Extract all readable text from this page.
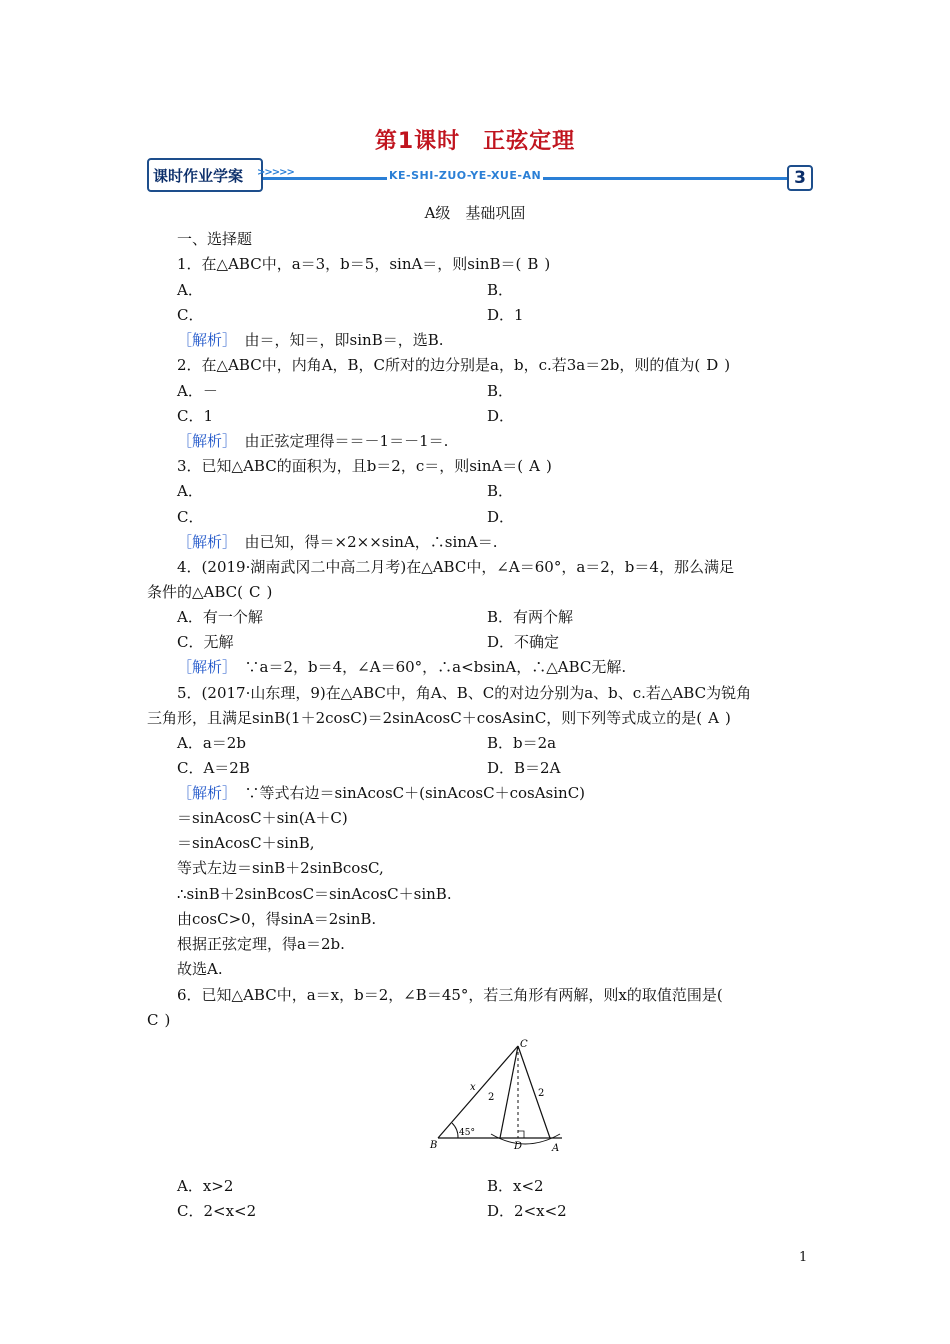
第1课时　正弦定理
课时作业学案 >>>>>	KE-SHI-ZUO-YE-XUE-AN	3
A级　基础巩固
一、选择题
1．在△ABC中，a＝3，b＝5，sinA＝，则sinB＝( B )
A．	B．
C．	D．1
［解析］　 由＝，知＝，即sinB＝，选B.
2．在△ABC中，内角A，B，C所对的边分别是a，b，c.若3a＝2b，则的值为( D )
A．－	B．
C．1	D．
［解析］　 由正弦定理得＝＝－1＝－1＝.
3．已知△ABC的面积为，且b＝2，c＝，则sinA＝( A )
A．	B．
C．	D．
［解析］　 由已知，得＝×2××sinA，∴sinA＝.
4．(2019·湖南武冈二中高二月考)在△ABC中，∠A＝60°，a＝2，b＝4，那么满足
条件的△ABC( C )
A．有一个解	B．有两个解
C．无解	D．不确定
［解析］　 ∵a＝2，b＝4，∠A＝60°，∴a<bsinA，∴△ABC无解.
5．(2017·山东理，9)在△ABC中，角A、B、C的对边分别为a、b、c.若△ABC为锐角
三角形，且满足sinB(1＋2cosC)＝2sinAcosC＋cosAsinC，则下列等式成立的是( A )
A．a＝2b	B．b＝2a
C．A＝2B	D．B＝2A
［解析］　 ∵等式右边＝sinAcosC＋(sinAcosC＋cosAsinC)
＝sinAcosC＋sin(A＋C)
＝sinAcosC＋sinB,
等式左边＝sinB＋2sinBcosC,
∴sinB＋2sinBcosC＝sinAcosC＋sinB.
由cosC>0，得sinA＝2sinB.
根据正弦定理，得a＝2b.
故选A.
6．已知△ABC中，a＝x，b＝2，∠B＝45°，若三角形有两解，则x的取值范围是(
C )
C
B	A
D
x
2	2
45°
A．x>2	B．x<2
C．2<x<2	D．2<x<2
1
